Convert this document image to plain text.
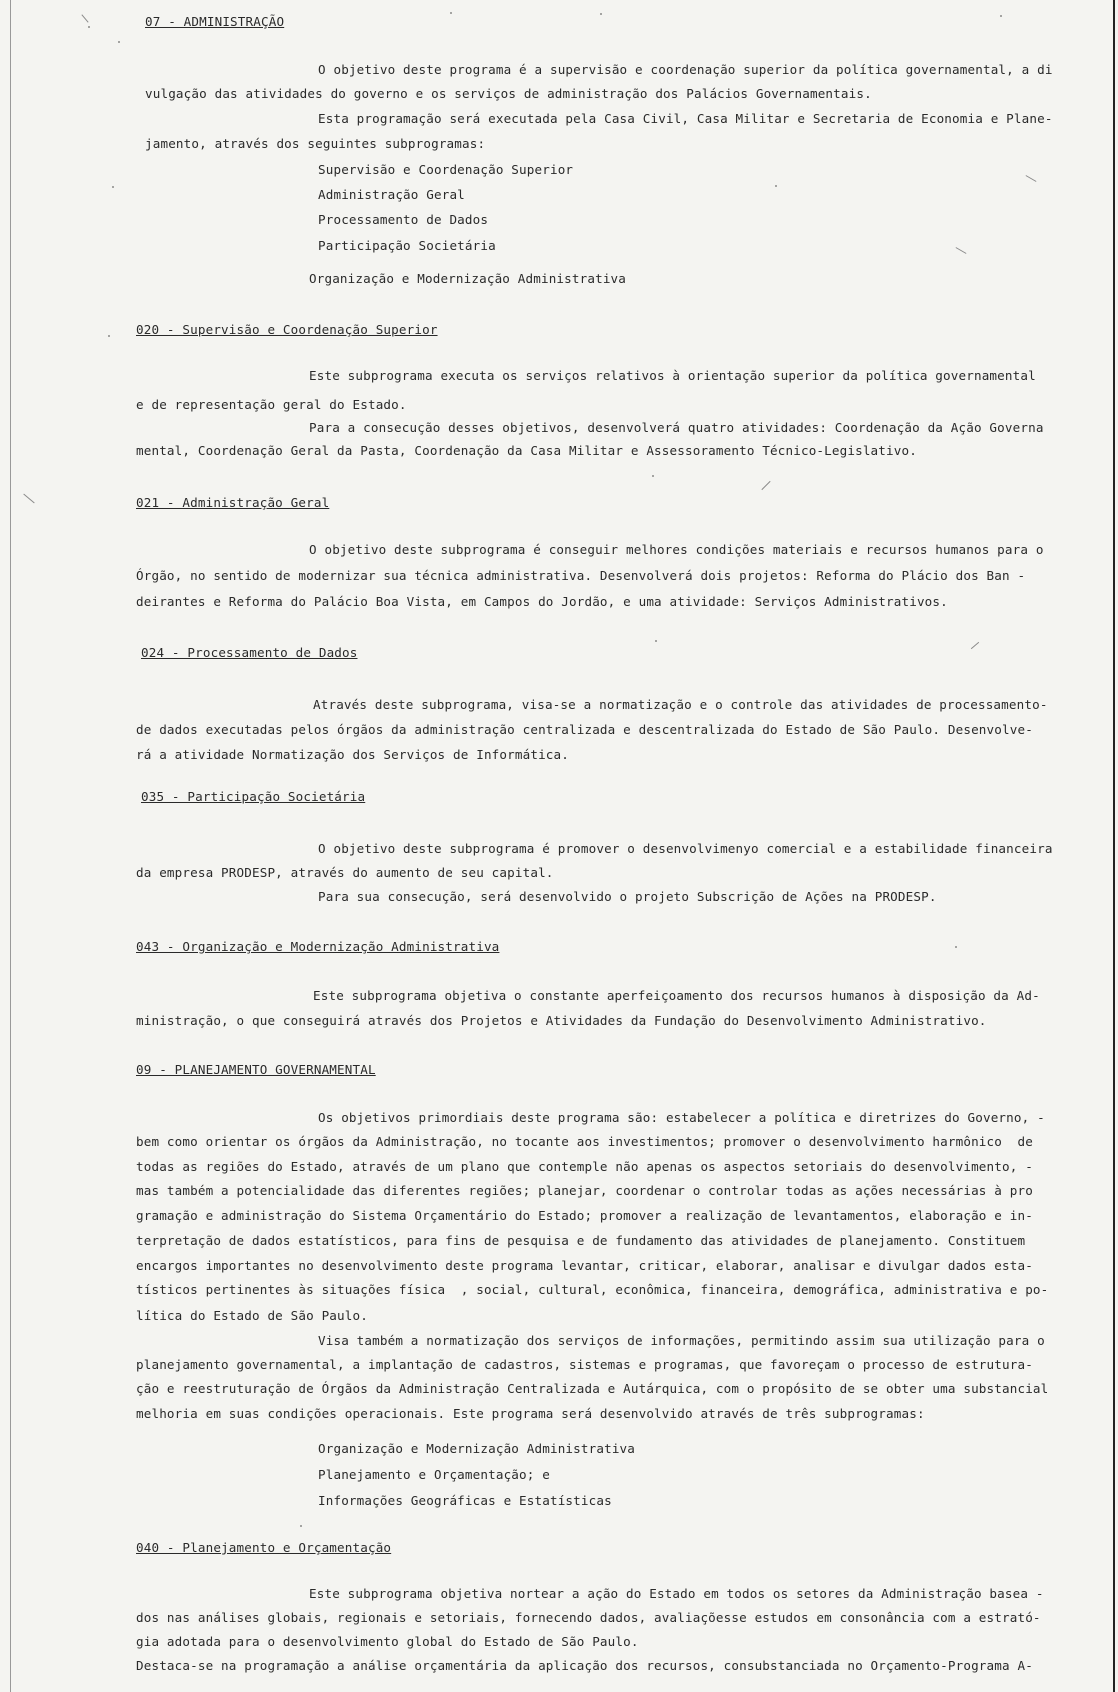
07 - ADMINISTRAÇÃO
O objetivo deste programa é a supervisão e coordenação superior da política governamental, a di
vulgação das atividades do governo e os serviços de administração dos Palácios Governamentais.
Esta programação será executada pela Casa Civil, Casa Militar e Secretaria de Economia e Plane-
jamento, através dos seguintes subprogramas:
Supervisão e Coordenação Superior
Administração Geral
Processamento de Dados
Participação Societária
Organização e Modernização Administrativa
020 - Supervisão e Coordenação Superior
Este subprograma executa os serviços relativos à orientação superior da política governamental
e de representação geral do Estado.
Para a consecução desses objetivos, desenvolverá quatro atividades: Coordenação da Ação Governa
mental, Coordenação Geral da Pasta, Coordenação da Casa Militar e Assessoramento Técnico-Legislativo.
021 - Administração Geral
O objetivo deste subprograma é conseguir melhores condições materiais e recursos humanos para o
Órgão, no sentido de modernizar sua técnica administrativa. Desenvolverá dois projetos: Reforma do Plácio dos Ban -
deirantes e Reforma do Palácio Boa Vista, em Campos do Jordão, e uma atividade: Serviços Administrativos.
024 - Processamento de Dados
Através deste subprograma, visa-se a normatização e o controle das atividades de processamento-
de dados executadas pelos órgãos da administração centralizada e descentralizada do Estado de São Paulo. Desenvolve-
rá a atividade Normatização dos Serviços de Informática.
035 - Participação Societária
O objetivo deste subprograma é promover o desenvolvimenyo comercial e a estabilidade financeira
da empresa PRODESP, através do aumento de seu capital.
Para sua consecução, será desenvolvido o projeto Subscrição de Ações na PRODESP.
043 - Organização e Modernização Administrativa
Este subprograma objetiva o constante aperfeiçoamento dos recursos humanos à disposição da Ad-
ministração, o que conseguirá através dos Projetos e Atividades da Fundação do Desenvolvimento Administrativo.
09 - PLANEJAMENTO GOVERNAMENTAL
Os objetivos primordiais deste programa são: estabelecer a política e diretrizes do Governo, -
bem como orientar os órgãos da Administração, no tocante aos investimentos; promover o desenvolvimento harmônico  de
todas as regiões do Estado, através de um plano que contemple não apenas os aspectos setoriais do desenvolvimento, -
mas também a potencialidade das diferentes regiões; planejar, coordenar o controlar todas as ações necessárias à pro
gramação e administração do Sistema Orçamentário do Estado; promover a realização de levantamentos, elaboração e in-
terpretação de dados estatísticos, para fins de pesquisa e de fundamento das atividades de planejamento. Constituem
encargos importantes no desenvolvimento deste programa levantar, criticar, elaborar, analisar e divulgar dados esta-
tísticos pertinentes às situações física  , social, cultural, econômica, financeira, demográfica, administrativa e po-
lítica do Estado de São Paulo.
Visa também a normatização dos serviços de informações, permitindo assim sua utilização para o
planejamento governamental, a implantação de cadastros, sistemas e programas, que favoreçam o processo de estrutura-
ção e reestruturação de Órgãos da Administração Centralizada e Autárquica, com o propósito de se obter uma substancial
melhoria em suas condições operacionais. Este programa será desenvolvido através de três subprogramas:
Organização e Modernização Administrativa
Planejamento e Orçamentação; e
Informações Geográficas e Estatísticas
040 - Planejamento e Orçamentação
Este subprograma objetiva nortear a ação do Estado em todos os setores da Administração basea -
dos nas análises globais, regionais e setoriais, fornecendo dados, avaliaçõesse estudos em consonância com a estrató-
gia adotada para o desenvolvimento global do Estado de São Paulo.
Destaca-se na programação a análise orçamentária da aplicação dos recursos, consubstanciada no Orçamento-Programa A-
